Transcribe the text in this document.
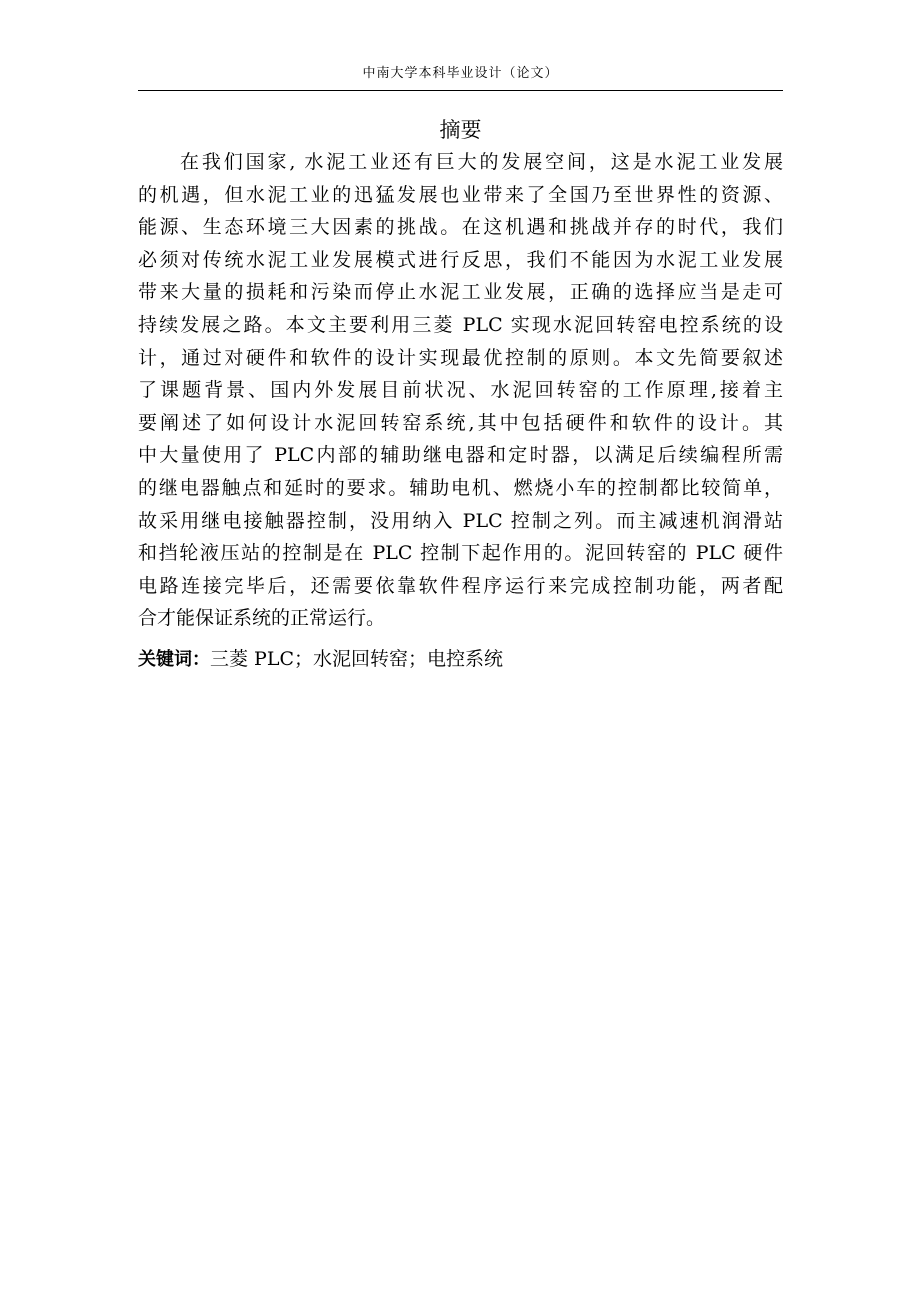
中南大学本科毕业设计（论文）
摘要
在我们国家, 水泥工业还有巨大的发展空间，这是水泥工业发展
的机遇，但水泥工业的迅猛发展也业带来了全国乃至世界性的资源、
能源、生态环境三大因素的挑战。在这机遇和挑战并存的时代，我们
必须对传统水泥工业发展模式进行反思，我们不能因为水泥工业发展
带来大量的损耗和污染而停止水泥工业发展，正确的选择应当是走可
持续发展之路。本文主要利用三菱 PLC 实现水泥回转窑电控系统的设
计，通过对硬件和软件的设计实现最优控制的原则。本文先简要叙述
了课题背景、国内外发展目前状况、水泥回转窑的工作原理,接着主
要阐述了如何设计水泥回转窑系统,其中包括硬件和软件的设计。其
中大量使用了 PLC内部的辅助继电器和定时器，以满足后续编程所需
的继电器触点和延时的要求。辅助电机、燃烧小车的控制都比较简单，
故采用继电接触器控制，没用纳入 PLC 控制之列。而主减速机润滑站
和挡轮液压站的控制是在 PLC 控制下起作用的。泥回转窑的 PLC 硬件
电路连接完毕后，还需要依靠软件程序运行来完成控制功能，两者配
合才能保证系统的正常运行。
关键词：三菱 PLC；水泥回转窑；电控系统
